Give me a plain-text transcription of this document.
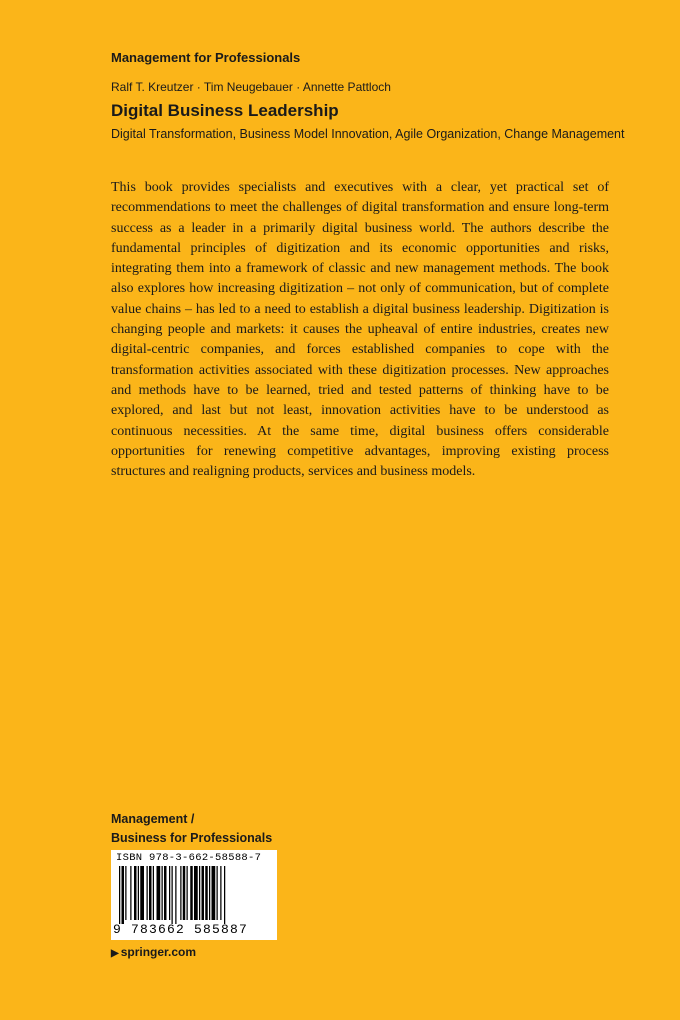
Management for Professionals
Ralf T. Kreutzer · Tim Neugebauer · Annette Pattloch
Digital Business Leadership
Digital Transformation, Business Model Innovation, Agile Organization, Change Management
This book provides specialists and executives with a clear, yet practical set of recommendations to meet the challenges of digital transformation and ensure long-term success as a leader in a primarily digital business world. The authors describe the fundamental principles of digitization and its economic opportunities and risks, integrating them into a framework of classic and new management methods. The book also explores how increasing digitization – not only of communication, but of complete value chains – has led to a need to establish a digital business leadership. Digitization is changing people and markets: it causes the upheaval of entire industries, creates new digital-centric companies, and forces established companies to cope with the transformation activities associated with these digitization processes. New approaches and methods have to be learned, tried and tested patterns of thinking have to be explored, and last but not least, innovation activities have to be understood as continuous necessities. At the same time, digital business offers considerable opportunities for renewing competitive advantages, improving existing process structures and realigning products, services and business models.
Management /
Business for Professionals
ISBN 978-3-662-58588-7
9 783662 585887
▶ springer.com
